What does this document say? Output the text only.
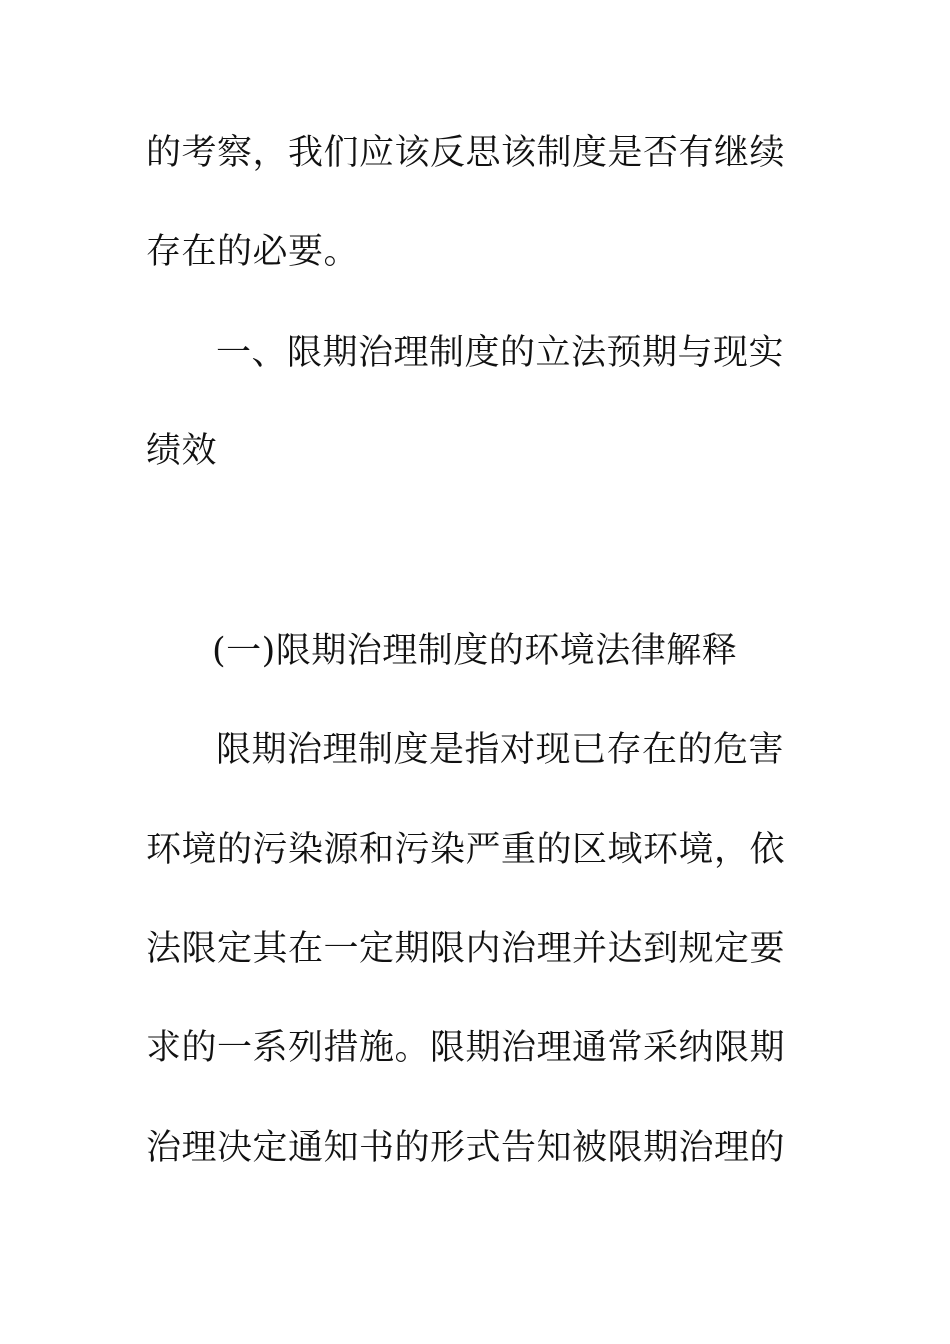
的考察，我们应该反思该制度是否有继续
存在的必要。
一、限期治理制度的立法预期与现实
绩效
(一)限期治理制度的环境法律解释
限期治理制度是指对现已存在的危害
环境的污染源和污染严重的区域环境，依
法限定其在一定期限内治理并达到规定要
求的一系列措施。限期治理通常采纳限期
治理决定通知书的形式告知被限期治理的
